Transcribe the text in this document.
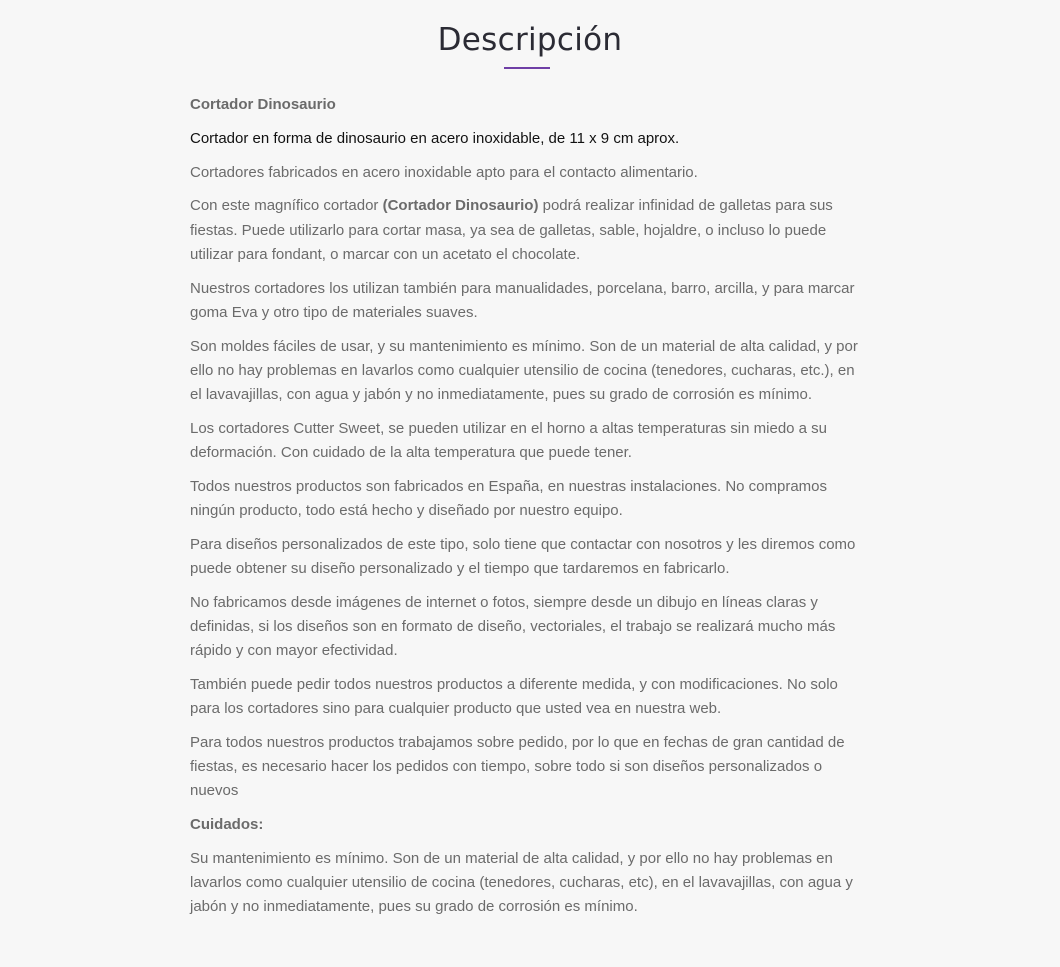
Descripción

Cortador Dinosaurio

Cortador en forma de dinosaurio en acero inoxidable, de 11 x 9 cm aprox.

Cortadores fabricados en acero inoxidable apto para el contacto alimentario.

Con este magnífico cortador (Cortador Dinosaurio) podrá realizar infinidad de galletas para sus fiestas. Puede utilizarlo para cortar masa, ya sea de galletas, sable, hojaldre, o incluso lo puede utilizar para fondant, o marcar con un acetato el chocolate.

Nuestros cortadores los utilizan también para manualidades, porcelana, barro, arcilla, y para marcar goma Eva y otro tipo de materiales suaves.

Son moldes fáciles de usar, y su mantenimiento es mínimo. Son de un material de alta calidad, y por ello no hay problemas en lavarlos como cualquier utensilio de cocina (tenedores, cucharas, etc.), en el lavavajillas, con agua y jabón y no inmediatamente, pues su grado de corrosión es mínimo.

Los cortadores Cutter Sweet, se pueden utilizar en el horno a altas temperaturas sin miedo a su deformación. Con cuidado de la alta temperatura que puede tener.

Todos nuestros productos son fabricados en España, en nuestras instalaciones. No compramos ningún producto, todo está hecho y diseñado por nuestro equipo.

Para diseños personalizados de este tipo, solo tiene que contactar con nosotros y les diremos como puede obtener su diseño personalizado y el tiempo que tardaremos en fabricarlo.

No fabricamos desde imágenes de internet o fotos, siempre desde un dibujo en líneas claras y definidas, si los diseños son en formato de diseño, vectoriales, el trabajo se realizará mucho más rápido y con mayor efectividad.

También puede pedir todos nuestros productos a diferente medida, y con modificaciones. No solo para los cortadores sino para cualquier producto que usted vea en nuestra web.

Para todos nuestros productos trabajamos sobre pedido, por lo que en fechas de gran cantidad de fiestas, es necesario hacer los pedidos con tiempo, sobre todo si son diseños personalizados o nuevos

Cuidados:

Su mantenimiento es mínimo. Son de un material de alta calidad, y por ello no hay problemas en lavarlos como cualquier utensilio de cocina (tenedores, cucharas, etc), en el lavavajillas, con agua y jabón y no inmediatamente, pues su grado de corrosión es mínimo.
